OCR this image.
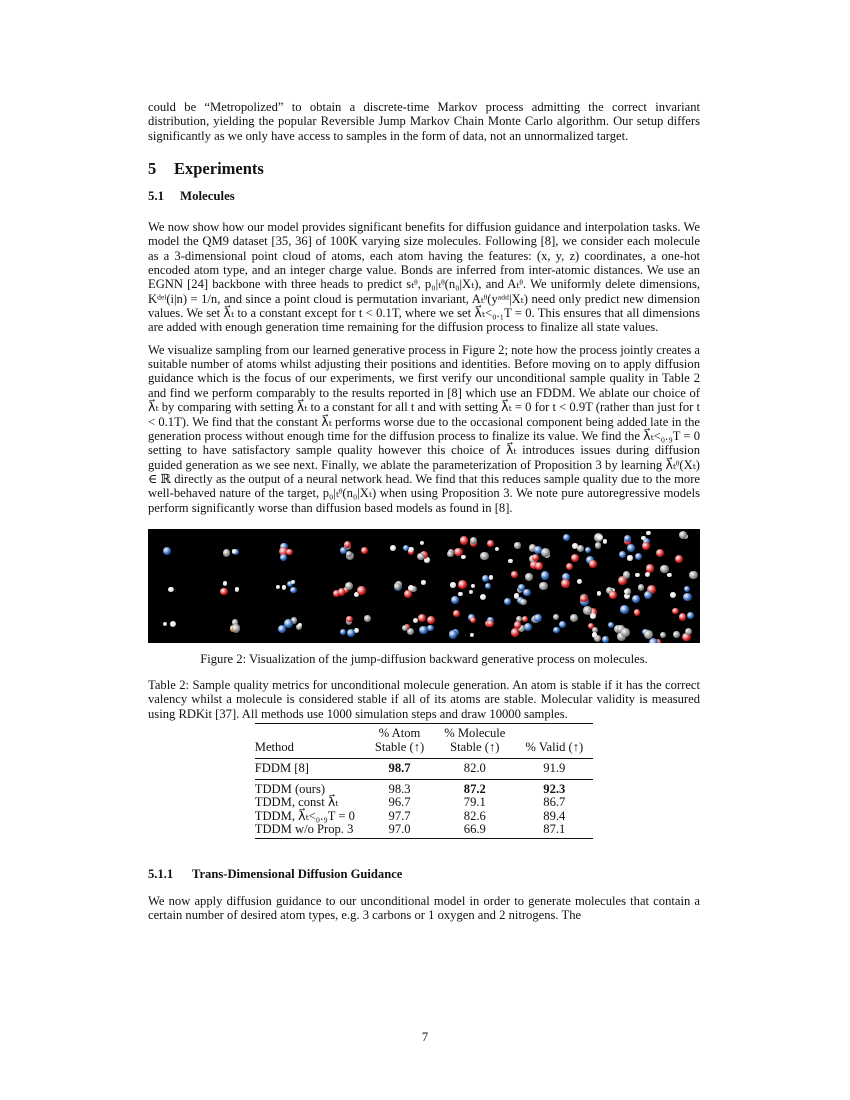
could be “Metropolized” to obtain a discrete-time Markov process admitting the correct invariant distribution, yielding the popular Reversible Jump Markov Chain Monte Carlo algorithm. Our setup differs significantly as we only have access to samples in the form of data, not an unnormalized target.

5 Experiments
5.1 Molecules

We now show how our model provides significant benefits for diffusion guidance and interpolation tasks. We model the QM9 dataset [35, 36] of 100K varying size molecules. Following [8], we consider each molecule as a 3-dimensional point cloud of atoms, each atom having the features: (x, y, z) coordinates, a one-hot encoded atom type, and an integer charge value. Bonds are inferred from inter-atomic distances. We use an EGNN [24] backbone with three heads to predict sₜᶿ, p₀|ₜᶿ(n₀|Xₜ), and Aₜᶿ. We uniformly delete dimensions, Kᵈᵉˡ(i|n) = 1/n, and since a point cloud is permutation invariant, Aₜᶿ(yᵃᵈᵈ|Xₜ) need only predict new dimension values. We set λ⃗ₜ to a constant except for t < 0.1T, where we set λ⃗ₜ<₀.₁T = 0. This ensures that all dimensions are added with enough generation time remaining for the diffusion process to finalize all state values.

We visualize sampling from our learned generative process in Figure 2; note how the process jointly creates a suitable number of atoms whilst adjusting their positions and identities. Before moving on to apply diffusion guidance which is the focus of our experiments, we first verify our unconditional sample quality in Table 2 and find we perform comparably to the results reported in [8] which use an FDDM. We ablate our choice of λ⃗ₜ by comparing with setting λ⃗ₜ to a constant for all t and with setting λ⃗ₜ = 0 for t < 0.9T (rather than just for t < 0.1T). We find that the constant λ⃗ₜ performs worse due to the occasional component being added late in the generation process without enough time for the diffusion process to finalize its value. We find the λ⃗ₜ<₀.₉T = 0 setting to have satisfactory sample quality however this choice of λ⃗ₜ introduces issues during diffusion guided generation as we see next. Finally, we ablate the parameterization of Proposition 3 by learning λ⃗ₜᶿ(Xₜ) ∈ ℝ directly as the output of a neural network head. We find that this reduces sample quality due to the more well-behaved nature of the target, p₀|ₜᶿ(n₀|Xₜ) when using Proposition 3. We note pure autoregressive models perform significantly worse than diffusion based models as found in [8].

Figure 2: Visualization of the jump-diffusion backward generative process on molecules.
Table 2: Sample quality metrics for unconditional molecule generation. An atom is stable if it has the correct valency whilst a molecule is considered stable if all of its atoms are stable. Molecular validity is measured using RDKit [37]. All methods use 1000 simulation steps and draw 10000 samples.
	% Atom	% Molecule	
Method	Stable (↑)	Stable (↑)	% Valid (↑)
FDDM [8]	98.7	82.0	91.9
TDDM (ours)	98.3	87.2	92.3
TDDM, const λ⃗ₜ	96.7	79.1	86.7
TDDM, λ⃗ₜ<₀.₉T = 0	97.7	82.6	89.4
TDDM w/o Prop. 3	97.0	66.9	87.1
5.1.1 Trans-Dimensional Diffusion Guidance

We now apply diffusion guidance to our unconditional model in order to generate molecules that contain a certain number of desired atom types, e.g. 3 carbons or 1 oxygen and 2 nitrogens. The

7
